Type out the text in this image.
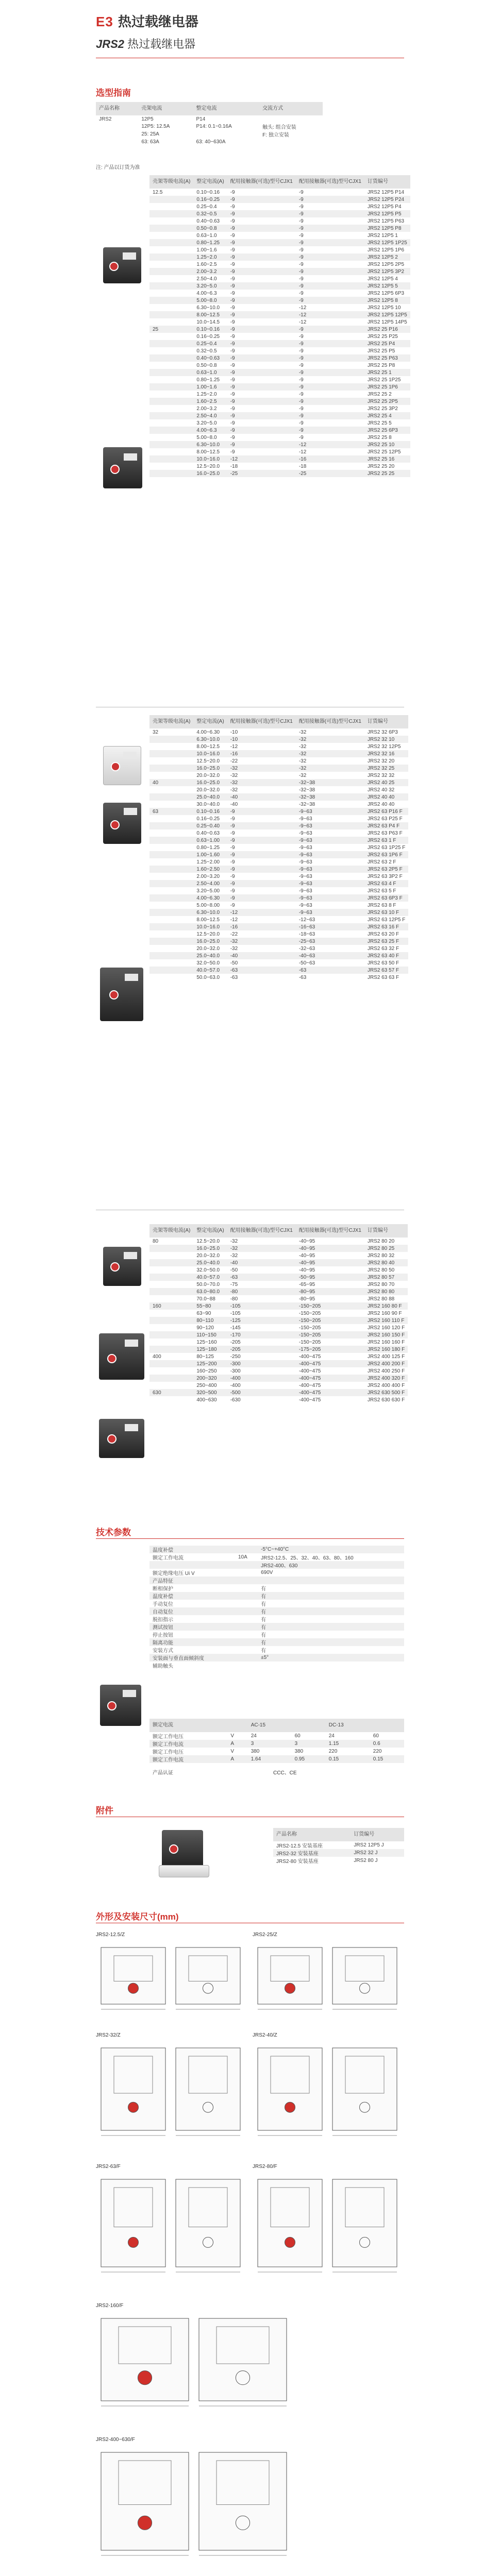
E3 热过载继电器
JRS2 热过载继电器
选型指南
产品名称	壳架电流	整定电流	交流方式
JRS2	12P5	P14	
	12P5: 12.5A	P14: 0.1~0.16A	触头: 组合安装
	25: 25A		F: 独立安装
	63: 63A	63: 40~630A	
注: 产品以订货为准
壳架等级电流(A)	整定电流(A)	配用接触器(可选)型号CJX1	配用接触器(可选)型号CJX1	订货编号
12.5	0.10~0.16	-9	-9	JRS2 12P5 P14
	0.16~0.25	-9	-9	JRS2 12P5 P24
	0.25~0.4	-9	-9	JRS2 12P5 P4
	0.32~0.5	-9	-9	JRS2 12P5 P5
	0.40~0.63	-9	-9	JRS2 12P5 P63
	0.50~0.8	-9	-9	JRS2 12P5 P8
	0.63~1.0	-9	-9	JRS2 12P5 1
	0.80~1.25	-9	-9	JRS2 12P5 1P25
	1.00~1.6	-9	-9	JRS2 12P5 1P6
	1.25~2.0	-9	-9	JRS2 12P5 2
	1.60~2.5	-9	-9	JRS2 12P5 2P5
	2.00~3.2	-9	-9	JRS2 12P5 3P2
	2.50~4.0	-9	-9	JRS2 12P5 4
	3.20~5.0	-9	-9	JRS2 12P5 5
	4.00~6.3	-9	-9	JRS2 12P5 6P3
	5.00~8.0	-9	-9	JRS2 12P5 8
	6.30~10.0	-9	-12	JRS2 12P5 10
	8.00~12.5	-9	-12	JRS2 12P5 12P5
	10.0~14.5	-9	-12	JRS2 12P5 14P5
25	0.10~0.16	-9	-9	JRS2 25 P16
	0.16~0.25	-9	-9	JRS2 25 P25
	0.25~0.4	-9	-9	JRS2 25 P4
	0.32~0.5	-9	-9	JRS2 25 P5
	0.40~0.63	-9	-9	JRS2 25 P63
	0.50~0.8	-9	-9	JRS2 25 P8
	0.63~1.0	-9	-9	JRS2 25 1
	0.80~1.25	-9	-9	JRS2 25 1P25
	1.00~1.6	-9	-9	JRS2 25 1P6
	1.25~2.0	-9	-9	JRS2 25 2
	1.60~2.5	-9	-9	JRS2 25 2P5
	2.00~3.2	-9	-9	JRS2 25 3P2
	2.50~4.0	-9	-9	JRS2 25 4
	3.20~5.0	-9	-9	JRS2 25 5
	4.00~6.3	-9	-9	JRS2 25 6P3
	5.00~8.0	-9	-9	JRS2 25 8
	6.30~10.0	-9	-12	JRS2 25 10
	8.00~12.5	-9	-12	JRS2 25 12P5
	10.0~16.0	-12	-16	JRS2 25 16
	12.5~20.0	-18	-18	JRS2 25 20
	16.0~25.0	-25	-25	JRS2 25 25
壳架等级电流(A)	整定电流(A)	配用接触器(可选)型号CJX1	配用接触器(可选)型号CJX1	订货编号
32	4.00~6.30	-10	-32	JRS2 32 6P3
	6.30~10.0	-10	-32	JRS2 32 10
	8.00~12.5	-12	-32	JRS2 32 12P5
	10.0~16.0	-16	-32	JRS2 32 16
	12.5~20.0	-22	-32	JRS2 32 20
	16.0~25.0	-32	-32	JRS2 32 25
	20.0~32.0	-32	-32	JRS2 32 32
40	16.0~25.0	-32	-32~38	JRS2 40 25
	20.0~32.0	-32	-32~38	JRS2 40 32
	25.0~40.0	-40	-32~38	JRS2 40 40
	30.0~40.0	-40	-32~38	JRS2 40 40
63	0.10~0.16	-9	-9~63	JRS2 63 P16 F
	0.16~0.25	-9	-9~63	JRS2 63 P25 F
	0.25~0.40	-9	-9~63	JRS2 63 P4 F
	0.40~0.63	-9	-9~63	JRS2 63 P63 F
	0.63~1.00	-9	-9~63	JRS2 63 1 F
	0.80~1.25	-9	-9~63	JRS2 63 1P25 F
	1.00~1.60	-9	-9~63	JRS2 63 1P6 F
	1.25~2.00	-9	-9~63	JRS2 63 2 F
	1.60~2.50	-9	-9~63	JRS2 63 2P5 F
	2.00~3.20	-9	-9~63	JRS2 63 3P2 F
	2.50~4.00	-9	-9~63	JRS2 63 4 F
	3.20~5.00	-9	-9~63	JRS2 63 5 F
	4.00~6.30	-9	-9~63	JRS2 63 6P3 F
	5.00~8.00	-9	-9~63	JRS2 63 8 F
	6.30~10.0	-12	-9~63	JRS2 63 10 F
	8.00~12.5	-12	-12~63	JRS2 63 12P5 F
	10.0~16.0	-16	-16~63	JRS2 63 16 F
	12.5~20.0	-22	-18~63	JRS2 63 20 F
	16.0~25.0	-32	-25~63	JRS2 63 25 F
	20.0~32.0	-32	-32~63	JRS2 63 32 F
	25.0~40.0	-40	-40~63	JRS2 63 40 F
	32.0~50.0	-50	-50~63	JRS2 63 50 F
	40.0~57.0	-63	-63	JRS2 63 57 F
	50.0~63.0	-63	-63	JRS2 63 63 F
壳架等级电流(A)	整定电流(A)	配用接触器(可选)型号CJX1	配用接触器(可选)型号CJX1	订货编号
80	12.5~20.0	-32	-40~95	JRS2 80 20
	16.0~25.0	-32	-40~95	JRS2 80 25
	20.0~32.0	-32	-40~95	JRS2 80 32
	25.0~40.0	-40	-40~95	JRS2 80 40
	32.0~50.0	-50	-40~95	JRS2 80 50
	40.0~57.0	-63	-50~95	JRS2 80 57
	50.0~70.0	-75	-65~95	JRS2 80 70
	63.0~80.0	-80	-80~95	JRS2 80 80
	70.0~88	-80	-80~95	JRS2 80 88
160	55~80	-105	-150~205	JRS2 160 80 F
	63~90	-105	-150~205	JRS2 160 90 F
	80~110	-125	-150~205	JRS2 160 110 F
	90~120	-145	-150~205	JRS2 160 120 F
	110~150	-170	-150~205	JRS2 160 150 F
	125~160	-205	-150~205	JRS2 160 160 F
	125~180	-205	-175~205	JRS2 160 180 F
400	80~125	-250	-400~475	JRS2 400 125 F
	125~200	-300	-400~475	JRS2 400 200 F
	160~250	-300	-400~475	JRS2 400 250 F
	200~320	-400	-400~475	JRS2 400 320 F
	250~400	-400	-400~475	JRS2 400 400 F
630	320~500	-500	-400~475	JRS2 630 500 F
	400~630	-630	-400~475	JRS2 630 630 F
技术参数
温度补偿		-5°C~+40°C
额定工作电流	10A	JRS2-12.5、25、32、40、63、80、160
		JRS2-400、630
额定绝缘电压 Ui V		690V
产品特征		
断相保护		有
温度补偿		有
手动复位		有
自动复位		有
脱扣指示		有
测试按钮		有
停止按钮		有
隔离功能		有
安装方式		有
安装面与垂直面倾斜度		±5°
辅助触头		
额定电流		AC-15		DC-13	
额定工作电压	V	24	60	24	60
额定工作电流	A	3	3	1.15	0.6
额定工作电压	V	380	380	220	220
额定工作电流	A	1.64	0.95	0.15	0.15
产品认证	CCC、CE
附件
产品名称	订货编号
JRS2-12.5 安装基座	JRS2 12P5 J
JRS2-32 安装基座	JRS2 32 J
JRS2-80 安装基座	JRS2 80 J
外形及安装尺寸(mm)
JRS2-12.5/Z	JRS2-25/Z
JRS2-32/Z	JRS2-40/Z
JRS2-63/F	JRS2-80/F
JRS2-160/F
JRS2-400~630/F
